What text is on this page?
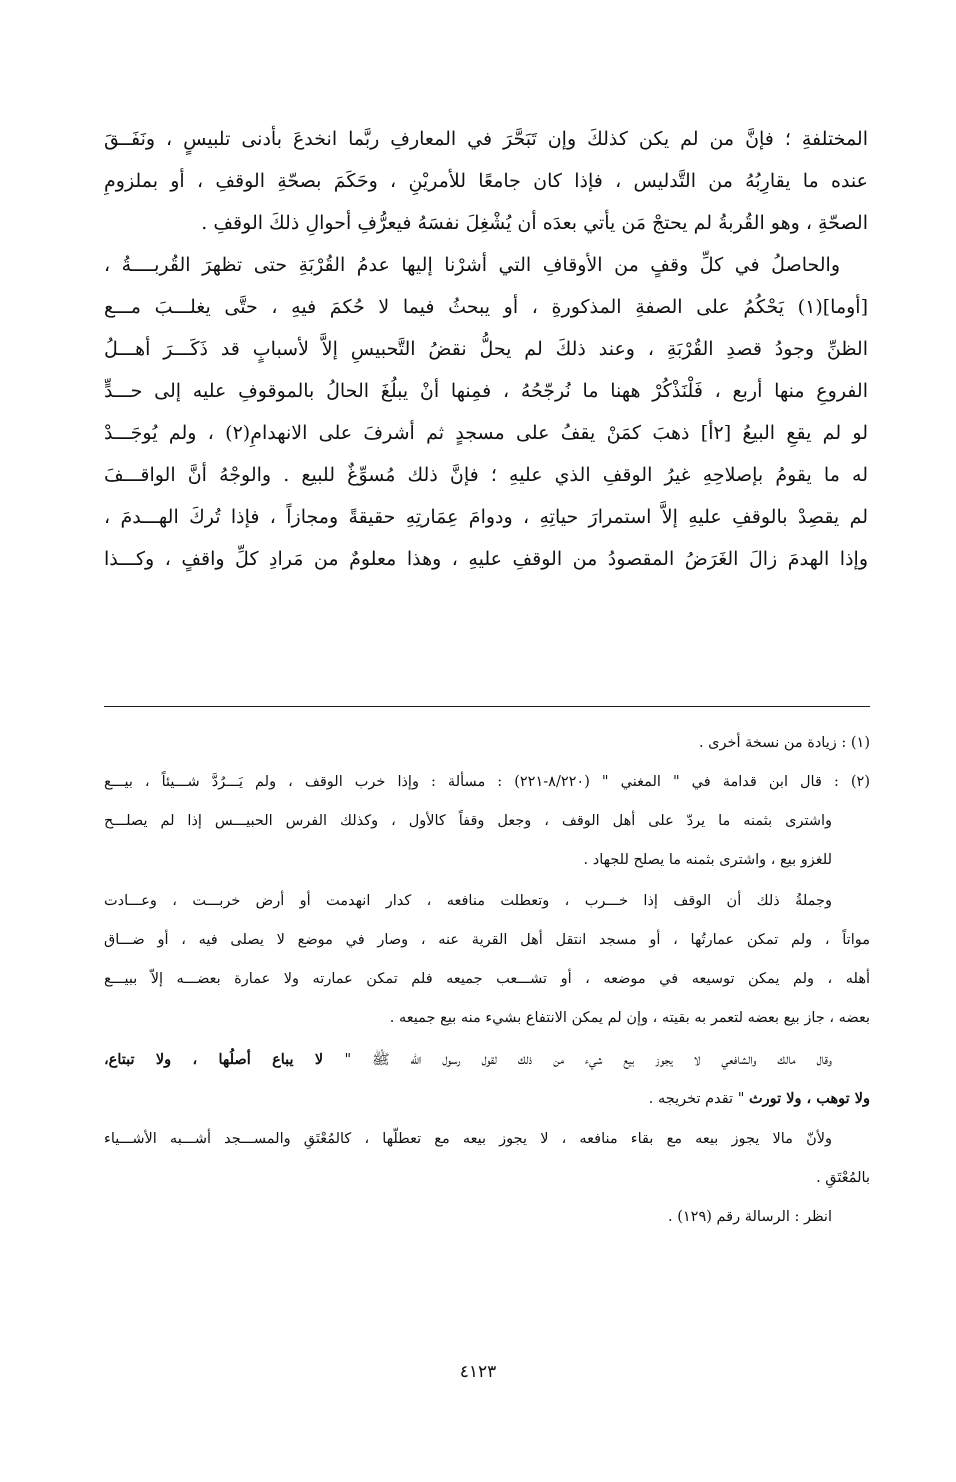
المختلفةِ ؛ فإنَّ من لم يكن كذلكَ وإن تَبَحَّرَ في المعارفِ ربَّما انخدعَ بأدنى تلبيسٍ ، ونَفَــقَ
عنده ما يقارِبُهُ من التَّدليس ، فإذا كان جامعًا للأمريْنِ ، وحَكَمَ بصحّةِ الوقفِ ، أو بملزومِ
الصحّةِ ، وهو القُربةُ لم يحتجْ مَن يأتي بعدَه أن يُشْغِلَ نفسَهُ فيعرُّفِ أحوالِ ذلكَ الوقفِ .
والحاصلُ في كلِّ وقفٍ من الأوقافِ التي أشرْنا إليها عدمُ القُرْبَةِ حتى تظهرَ القُربــــةُ ،
[أوما](١) يَحْكُمُ على الصفةِ المذكورةِ ، أو يبحثُ فيما لا حُكمَ فيهِ ، حتَّى يغلـــبَ مـــع
الظنِّ وجودُ قصدِ القُرْبَةِ ، وعند ذلكَ لم يحلُّ نقضُ التَّحبيسِ إلاَّ لأسبابٍ قد ذَكَـــرَ أهـــلُ
الفروعِ منها أربع ، فَلْنَذْكُرْ ههنا ما نُرجّحُهُ ، فمِنها أنْ يبلُغَ الحالُ بالموقوفِ عليه إلى حـــدٍّ
لو لم يقعِ البيعُ [٢أ] ذهبَ كمَنْ يقفُ على مسجدٍ ثم أشرفَ على الانهدامِ(٢) ، ولم يُوجَـــدْ
له ما يقومُ بإصلاحِهِ غيرُ الوقفِ الذي عليهِ ؛ فإنَّ ذلك مُسوِّغٌ للبيع . والوجْهُ أنَّ الواقـــفَ
لم يقصِدْ بالوقفِ عليهِ إلاَّ استمرارَ حياتِهِ ، ودوامَ عِمَارتِهِ حقيقةً ومجازاً ، فإذا تُركَ الهـــدمَ ،
وإذا الهدمَ زالَ الغَرَضُ المقصودُ من الوقفِ عليهِ ، وهذا معلومٌ من مَرادِ كلِّ واقفٍ ، وكـــذا
(١) : زيادة من نسخة أخرى .
(٢) : قال ابن قدامة في " المغني " (٨/٢٢٠-٢٢١) : مسألة : وإذا خرب الوقف ، ولم يَـــرُدَّ شـــيئاً ، بيـــع
واشترى بثمنه ما يردّ على أهل الوقف ، وجعل وقفاً كالأول ، وكذلك الفرس الحبيـــس إذا لم يصلـــح
للغزو بيع ، واشترى بثمنه ما يصلح للجهاد .
وجملةُ ذلك أن الوقف إذا خـــرب ، وتعطلت منافعه ، كدار انهدمت أو أرض خربـــت ، وعـــادت
مواتاً ، ولم تمكن عمارتُها ، أو مسجد انتقل أهل القرية عنه ، وصار في موضع لا يصلى فيه ، أو ضـــاق
أهله ، ولم يمكن توسيعه في موضعه ، أو تشـــعب جميعه فلم تمكن عمارته ولا عمارة بعضـــه إلاّ ببيـــع
بعضه ، جاز بيع بعضه لتعمر به بقيته ، وإن لم يمكن الانتفاع بشيء منه بيع جميعه .
وقال مالك والشافعي لا يجوز بيع شيء من ذلك لقول رسول الله ﷺ " لا يباع أصلُها ، ولا تبتاع،
ولا توهب ، ولا تورث " تقدم تخريجه .
ولأنّ مالا يجوز بيعه مع بقاء منافعه ، لا يجوز بيعه مع تعطلّها ، كالمُعْتَقِ والمســـجد أشـــبه الأشـــياء
بالمُعْتَقِ .
انظر : الرسالة رقم (١٢٩) .
٤١٢٣
